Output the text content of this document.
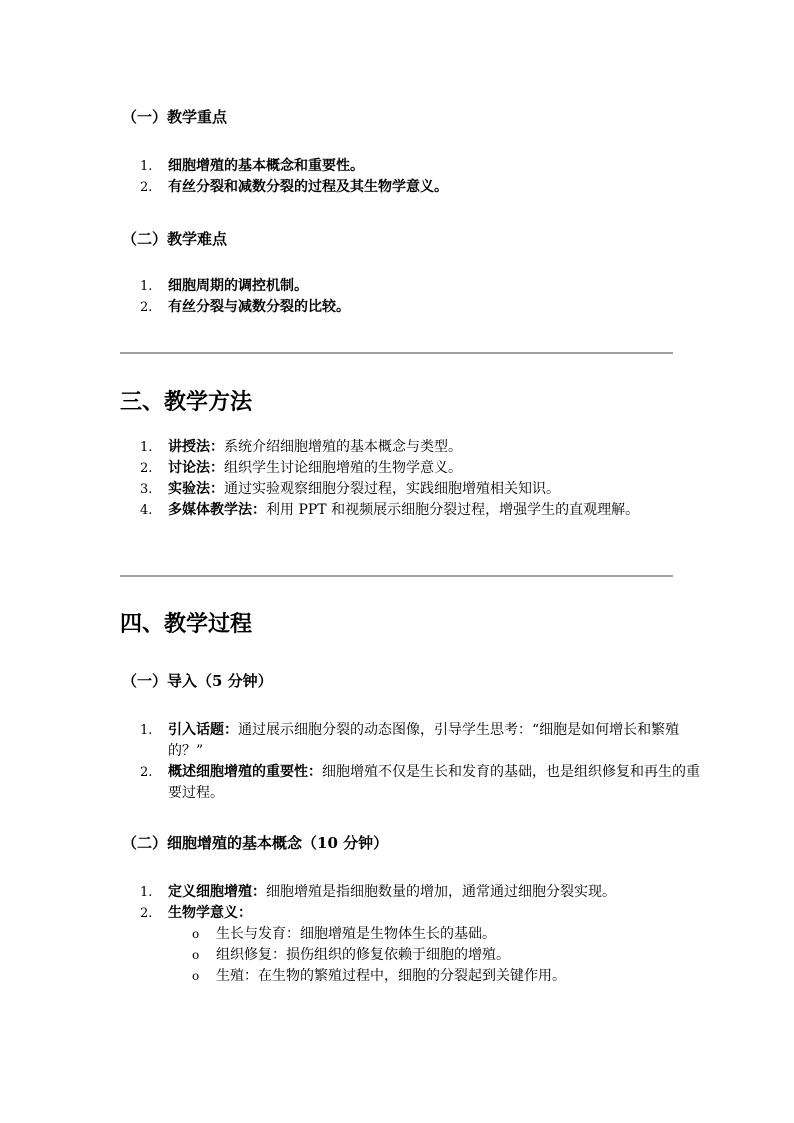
（一）教学重点
1.	细胞增殖的基本概念和重要性。
2.	有丝分裂和减数分裂的过程及其生物学意义。
（二）教学难点
1.	细胞周期的调控机制。
2.	有丝分裂与减数分裂的比较。
三、教学方法
1.	讲授法：系统介绍细胞增殖的基本概念与类型。
2.	讨论法：组织学生讨论细胞增殖的生物学意义。
3.	实验法：通过实验观察细胞分裂过程，实践细胞增殖相关知识。
4.	多媒体教学法：利用 PPT 和视频展示细胞分裂过程，增强学生的直观理解。
四、教学过程
（一）导入（5 分钟）
1.	引入话题：通过展示细胞分裂的动态图像，引导学生思考：“细胞是如何增长和繁殖的？”
2.	概述细胞增殖的重要性：细胞增殖不仅是生长和发育的基础，也是组织修复和再生的重要过程。
（二）细胞增殖的基本概念（10 分钟）
1.	定义细胞增殖：细胞增殖是指细胞数量的增加，通常通过细胞分裂实现。
2.	生物学意义：
o 生长与发育：细胞增殖是生物体生长的基础。
o 组织修复：损伤组织的修复依赖于细胞的增殖。
o 生殖：在生物的繁殖过程中，细胞的分裂起到关键作用。
